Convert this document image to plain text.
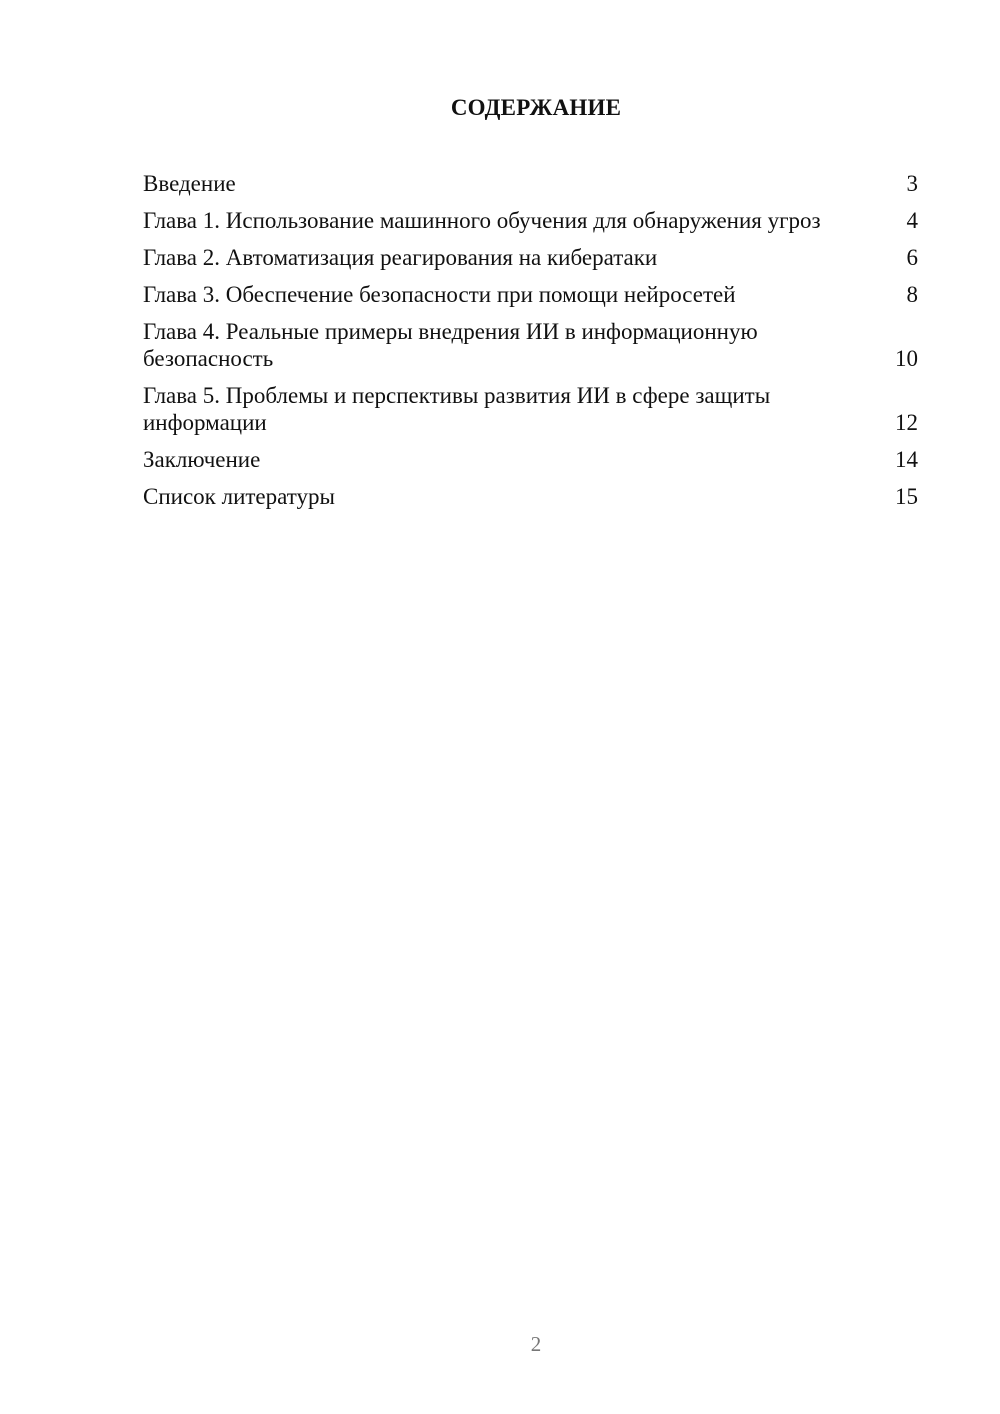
СОДЕРЖАНИЕ
Введение	3
Глава 1. Использование машинного обучения для обнаружения угроз	4
Глава 2. Автоматизация реагирования на кибератаки	6
Глава 3. Обеспечение безопасности при помощи нейросетей	8
Глава 4. Реальные примеры внедрения ИИ в информационную безопасность	10
Глава 5. Проблемы и перспективы развития ИИ в сфере защиты информации	12
Заключение	14
Список литературы	15
2
